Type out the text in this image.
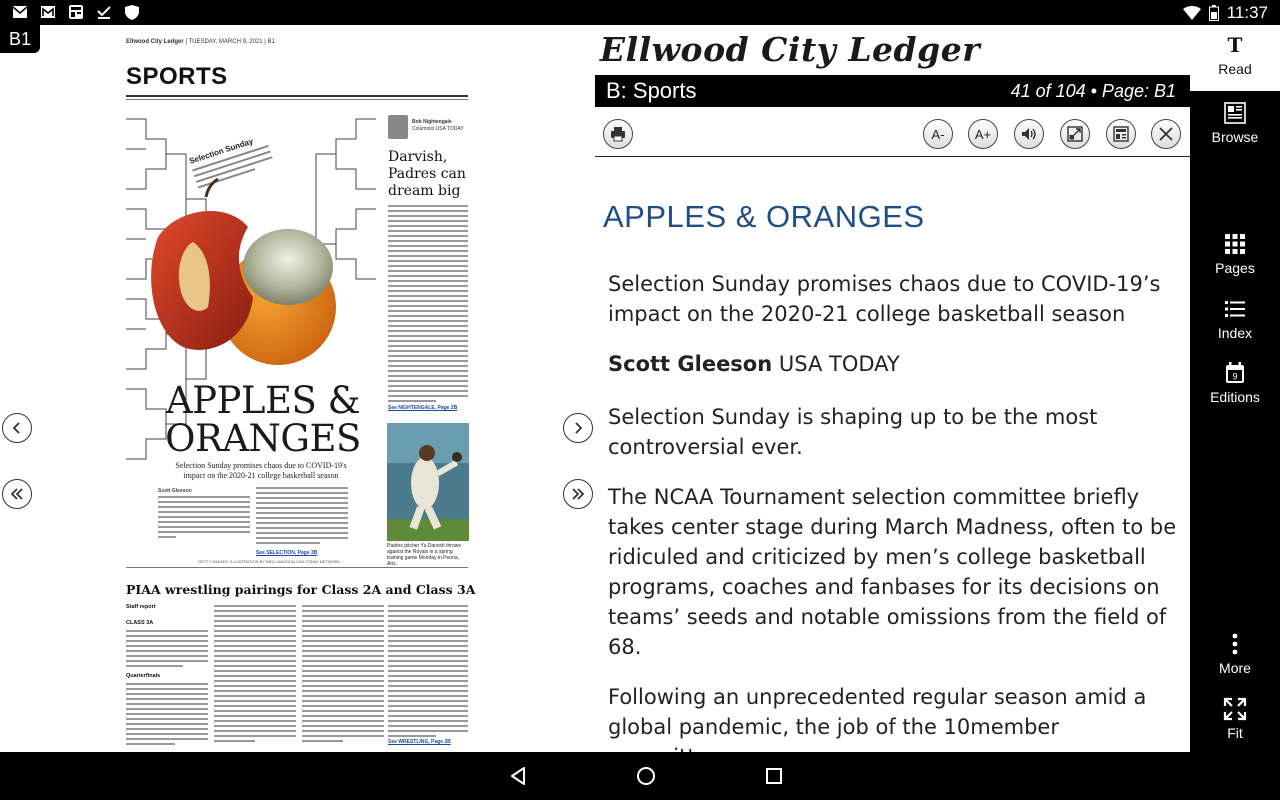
11:37
B1	Ellwood City Ledger | TUESDAY, MARCH 9, 2021 | B1
SPORTS
Selection Sunday
APPLES &
ORANGES
Selection Sunday promises chaos due to COVID-19's impact on the 2020-21 college basketball season
Scott Gleeson
See SELECTION, Page 3B
Bob Nightengale
Columnist USA TODAY
Darvish, Padres can dream big
See NIGHTENGALE, Page 2B
Padres pitcher Yu Darvish throws against the Royals in a spring training game Monday in Peoria, Ariz.
GETTY IMAGES; ILLUSTRATION BY BEN LANGDON USA TODAY NETWORK
PIAA wrestling pairings for Class 2A and Class 3A
Staff report
CLASS 3A
Quarterfinals
See WRESTLING, Page 2B
Ellwood City Ledger
B: Sports	41 of 104 • Page: B1
A-	A+
APPLES & ORANGES
Selection Sunday promises chaos due to COVID-19’s impact on the 2020-21 college basketball season
Scott Gleeson USA TODAY
Selection Sunday is shaping up to be the most controversial ever.
The NCAA Tournament selection committee briefly takes center stage during March Madness, often to be ridiculed and criticized by men’s college basketball programs, coaches and fanbases for its decisions on teams’ seeds and notable omissions from the field of 68.
Following an unprecedented regular season amid a global pandemic, the job of the 10member
T
Read
Browse
Pages
Index
9
Editions
More
Fit
